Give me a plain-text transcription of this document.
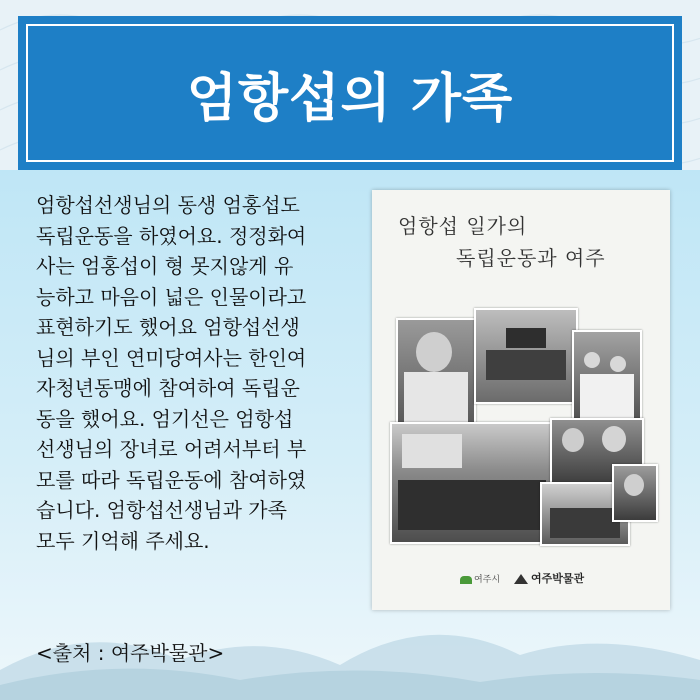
엄항섭의 가족
엄항섭선생님의 동생 엄홍섭도
독립운동을 하였어요. 정정화여
사는 엄홍섭이 형 못지않게 유
능하고 마음이 넓은 인물이라고
표현하기도 했어요 엄항섭선생
님의 부인 연미당여사는 한인여
자청년동맹에 참여하여 독립운
동을 했어요. 엄기선은 엄항섭
선생님의 장녀로 어려서부터 부
모를 따라 독립운동에 참여하였
습니다. 엄항섭선생님과 가족
모두 기억해 주세요.
<출처 : 여주박물관>
엄항섭 일가의
독립운동과 여주
여주시	여주박물관
